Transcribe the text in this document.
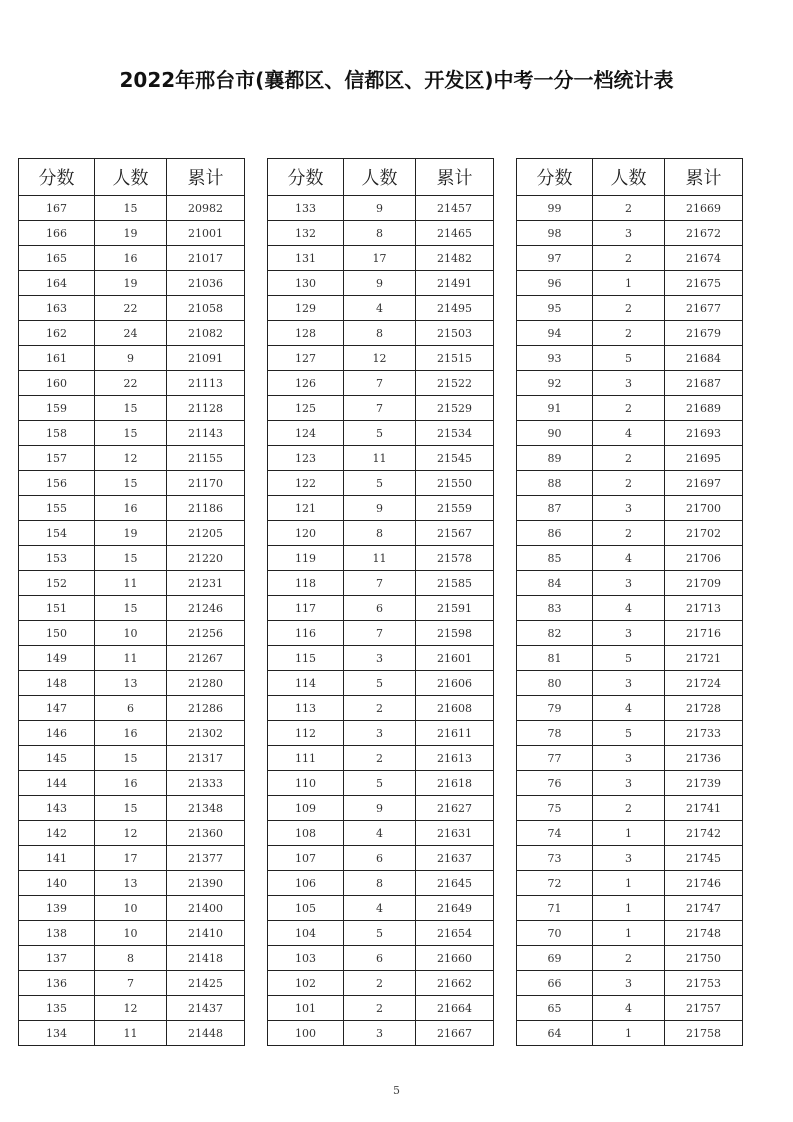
2022年邢台市(襄都区、信都区、开发区)中考一分一档统计表
分数	人数	累计
167	15	20982
166	19	21001
165	16	21017
164	19	21036
163	22	21058
162	24	21082
161	9	21091
160	22	21113
159	15	21128
158	15	21143
157	12	21155
156	15	21170
155	16	21186
154	19	21205
153	15	21220
152	11	21231
151	15	21246
150	10	21256
149	11	21267
148	13	21280
147	6	21286
146	16	21302
145	15	21317
144	16	21333
143	15	21348
142	12	21360
141	17	21377
140	13	21390
139	10	21400
138	10	21410
137	8	21418
136	7	21425
135	12	21437
134	11	21448
分数	人数	累计
133	9	21457
132	8	21465
131	17	21482
130	9	21491
129	4	21495
128	8	21503
127	12	21515
126	7	21522
125	7	21529
124	5	21534
123	11	21545
122	5	21550
121	9	21559
120	8	21567
119	11	21578
118	7	21585
117	6	21591
116	7	21598
115	3	21601
114	5	21606
113	2	21608
112	3	21611
111	2	21613
110	5	21618
109	9	21627
108	4	21631
107	6	21637
106	8	21645
105	4	21649
104	5	21654
103	6	21660
102	2	21662
101	2	21664
100	3	21667
分数	人数	累计
99	2	21669
98	3	21672
97	2	21674
96	1	21675
95	2	21677
94	2	21679
93	5	21684
92	3	21687
91	2	21689
90	4	21693
89	2	21695
88	2	21697
87	3	21700
86	2	21702
85	4	21706
84	3	21709
83	4	21713
82	3	21716
81	5	21721
80	3	21724
79	4	21728
78	5	21733
77	3	21736
76	3	21739
75	2	21741
74	1	21742
73	3	21745
72	1	21746
71	1	21747
70	1	21748
69	2	21750
66	3	21753
65	4	21757
64	1	21758
5
